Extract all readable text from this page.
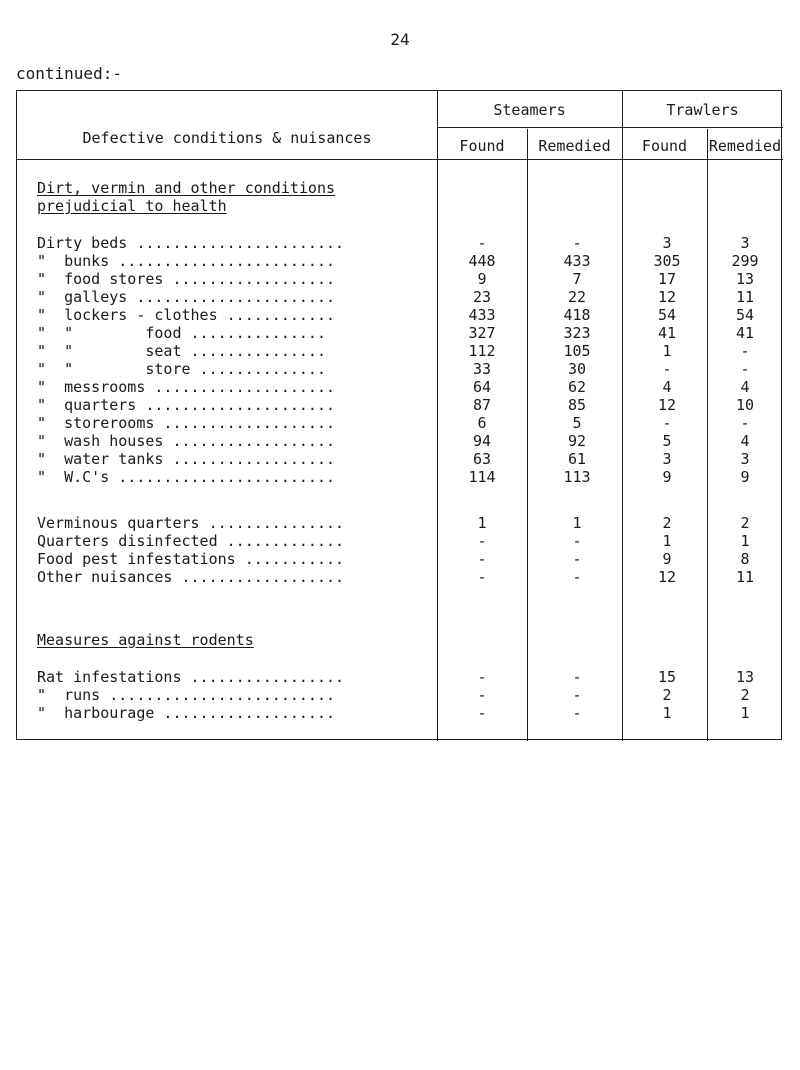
24
continued:-
Defective conditions & nuisances
Steamers	Trawlers
Found	Remedied	Found	Remedied
Dirt, vermin and other conditions
prejudicial to health
Measures against rodents
Dirty beds .......................	-	-	3	3
"  bunks ........................	448	433	305	299
"  food stores ..................	9	7	17	13
"  galleys ......................	23	22	12	11
"  lockers - clothes ............	433	418	54	54
"  "        food ...............	327	323	41	41
"  "        seat ...............	112	105	1	-
"  "        store ..............	33	30	-	-
"  messrooms ....................	64	62	4	4
"  quarters .....................	87	85	12	10
"  storerooms ...................	6	5	-	-
"  wash houses ..................	94	92	5	4
"  water tanks ..................	63	61	3	3
"  W.C's ........................	114	113	9	9
Verminous quarters ...............	1	1	2	2
Quarters disinfected .............	-	-	1	1
Food pest infestations ...........	-	-	9	8
Other nuisances ..................	-	-	12	11
Rat infestations .................	-	-	15	13
"  runs .........................	-	-	2	2
"  harbourage ...................	-	-	1	1
